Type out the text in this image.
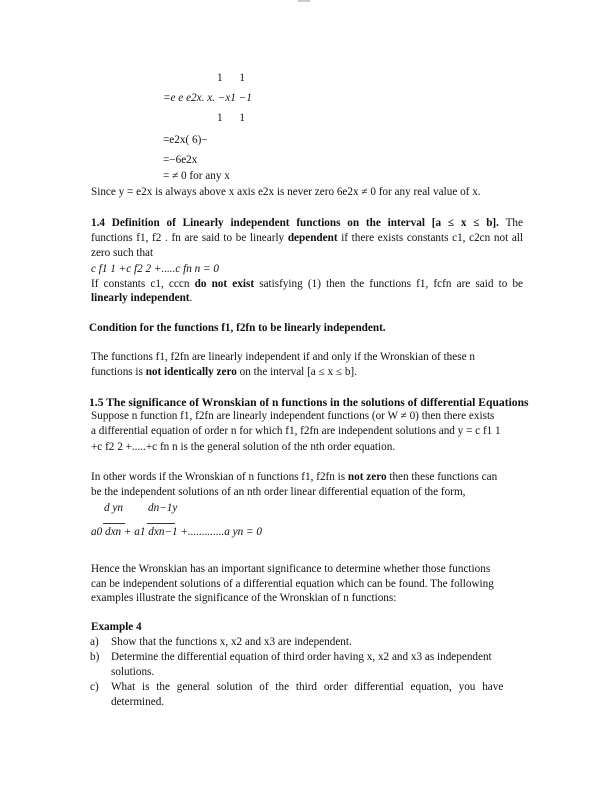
1 1
=e e e2x. x. −x1 −1
1 1
=e2x( 6)−
=−6e2x
= ≠ 0 for any x
Since y = e2x is always above x axis e2x is never zero 6e2x ≠ 0 for any real value of x.
1.4 Definition of Linearly independent functions on the interval [a ≤ x ≤ b]. The
functions f1, f2 . fn are said to be linearly dependent if there exists constants c1, c2cn not all
zero such that
c f1 1 +c f2 2 +.....c fn n = 0
If constants c1, cccn do not exist satisfying (1) then the functions f1, fcfn are said to be
linearly independent.
Condition for the functions f1, f2fn to be linearly independent.
The functions f1, f2fn are linearly independent if and only if the Wronskian of these n
functions is not identically zero on the interval [a ≤ x ≤ b].
1.5 The significance of Wronskian of n functions in the solutions of differential Equations
Suppose n function f1, f2fn are linearly independent functions (or W ≠ 0) then there exists
a differential equation of order n for which f1, f2fn are independent solutions and y = c f1 1
+c f2 2 +.....+c fn n is the general solution of the nth order equation.
In other words if the Wronskian of n functions f1, f2fn is not zero then these functions can
be the independent solutions of an nth order linear differential equation of the form,
d yn dn−1y
a0 dxn + a1 dxn−1 +.............a yn = 0
Hence the Wronskian has an important significance to determine whether those functions
can be independent solutions of a differential equation which can be found. The following
examples illustrate the significance of the Wronskian of n functions:
Example 4
a) Show that the functions x, x2 and x3 are independent.
b) Determine the differential equation of third order having x, x2 and x3 as independent
solutions.
c) What is the general solution of the third order differential equation, you have
determined.
